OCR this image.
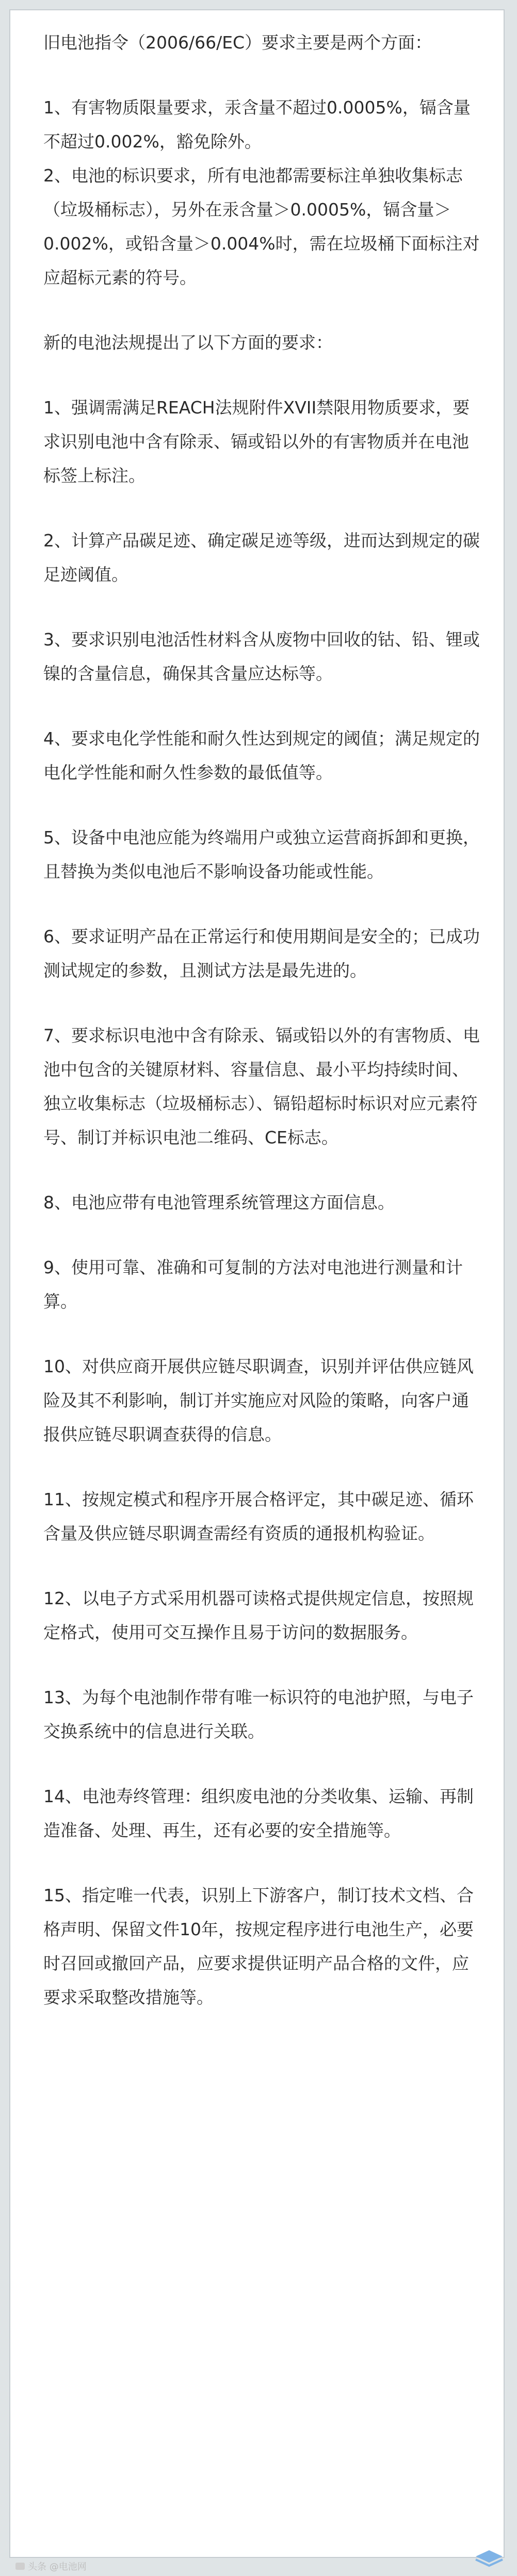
旧电池指令（2006/66/EC）要求主要是两个方面：

1、有害物质限量要求，汞含量不超过0.0005%，镉含量不超过0.002%，豁免除外。

2、电池的标识要求，所有电池都需要标注单独收集标志（垃圾桶标志），另外在汞含量＞0.0005%，镉含量＞0.002%，或铅含量＞0.004%时，需在垃圾桶下面标注对应超标元素的符号。

新的电池法规提出了以下方面的要求：

1、强调需满足REACH法规附件XVII禁限用物质要求，要求识别电池中含有除汞、镉或铅以外的有害物质并在电池标签上标注。

2、计算产品碳足迹、确定碳足迹等级，进而达到规定的碳足迹阈值。

3、要求识别电池活性材料含从废物中回收的钴、铅、锂或镍的含量信息，确保其含量应达标等。

4、要求电化学性能和耐久性达到规定的阈值；满足规定的电化学性能和耐久性参数的最低值等。

5、设备中电池应能为终端用户或独立运营商拆卸和更换，且替换为类似电池后不影响设备功能或性能。

6、要求证明产品在正常运行和使用期间是安全的；已成功测试规定的参数，且测试方法是最先进的。

7、要求标识电池中含有除汞、镉或铅以外的有害物质、电池中包含的关键原材料、容量信息、最小平均持续时间、独立收集标志（垃圾桶标志）、镉铅超标时标识对应元素符号、制订并标识电池二维码、CE标志。

8、电池应带有电池管理系统管理这方面信息。

9、使用可靠、准确和可复制的方法对电池进行测量和计算。

10、对供应商开展供应链尽职调查，识别并评估供应链风险及其不利影响，制订并实施应对风险的策略，向客户通报供应链尽职调查获得的信息。

11、按规定模式和程序开展合格评定，其中碳足迹、循环含量及供应链尽职调查需经有资质的通报机构验证。

12、以电子方式采用机器可读格式提供规定信息，按照规定格式，使用可交互操作且易于访问的数据服务。

13、为每个电池制作带有唯一标识符的电池护照，与电子交换系统中的信息进行关联。

14、电池寿终管理：组织废电池的分类收集、运输、再制造准备、处理、再生，还有必要的安全措施等。

15、指定唯一代表，识别上下游客户，制订技术文档、合格声明、保留文件10年，按规定程序进行电池生产，必要时召回或撤回产品，应要求提供证明产品合格的文件，应要求采取整改措施等。

头条 @电池网
